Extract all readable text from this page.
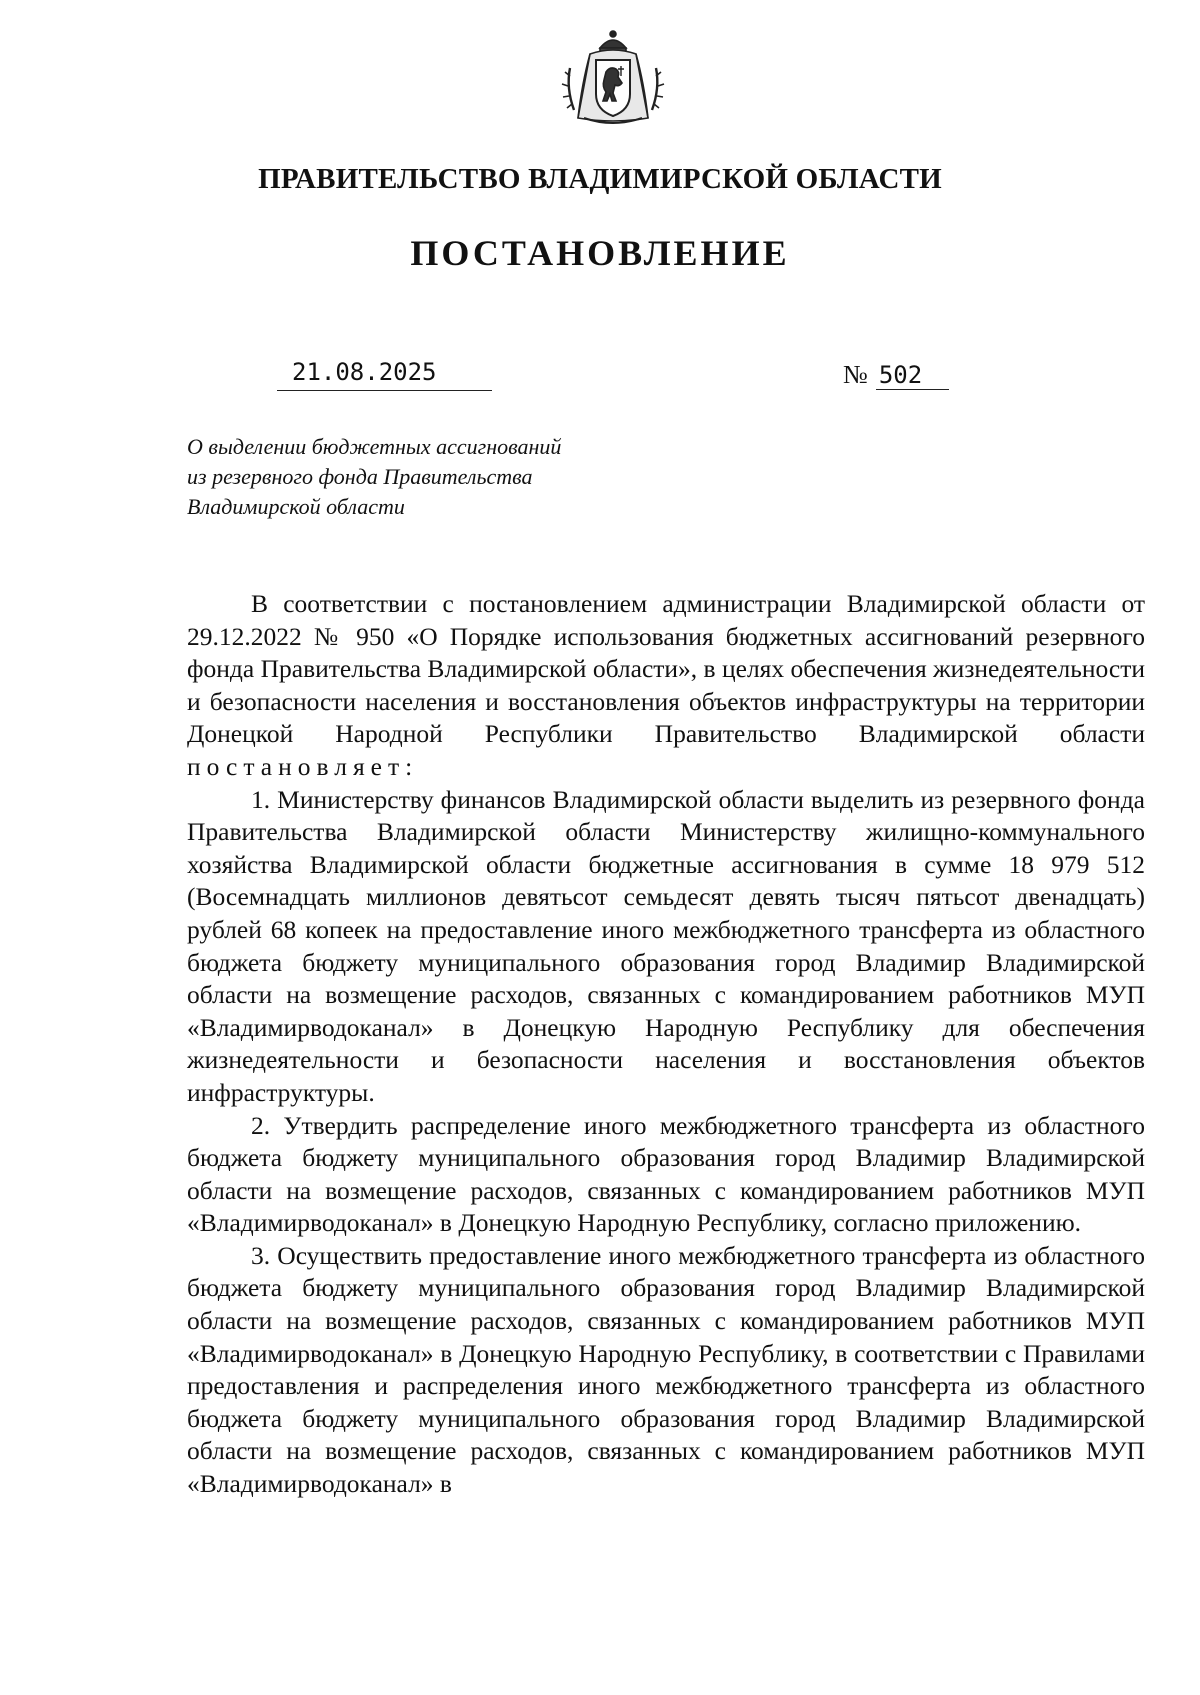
ПРАВИТЕЛЬСТВО ВЛАДИМИРСКОЙ ОБЛАСТИ
ПОСТАНОВЛЕНИЕ
21.08.2025	№ 502
О выделении бюджетных ассигнований
из резервного фонда Правительства
Владимирской области

В соответствии с постановлением администрации Владимирской области от 29.12.2022 № 950 «О Порядке использования бюджетных ассигнований резервного фонда Правительства Владимирской области», в целях обеспечения жизнедеятельности и безопасности населения и восстановления объектов инфраструктуры на территории Донецкой Народной Республики Правительство Владимирской области постановляет:

1. Министерству финансов Владимирской области выделить из резервного фонда Правительства Владимирской области Министерству жилищно-коммунального хозяйства Владимирской области бюджетные ассигнования в сумме 18 979 512 (Восемнадцать миллионов девятьсот семьдесят девять тысяч пятьсот двенадцать) рублей 68 копеек на предоставление иного межбюджетного трансферта из областного бюджета бюджету муниципального образования город Владимир Владимирской области на возмещение расходов, связанных с командированием работников МУП «Владимирводоканал» в Донецкую Народную Республику для обеспечения жизнедеятельности и безопасности населения и восстановления объектов инфраструктуры.

2. Утвердить распределение иного межбюджетного трансферта из областного бюджета бюджету муниципального образования город Владимир Владимирской области на возмещение расходов, связанных с командированием работников МУП «Владимирводоканал» в Донецкую Народную Республику, согласно приложению.

3. Осуществить предоставление иного межбюджетного трансферта из областного бюджета бюджету муниципального образования город Владимир Владимирской области на возмещение расходов, связанных с командированием работников МУП «Владимирводоканал» в Донецкую Народную Республику, в соответствии с Правилами предоставления и распределения иного межбюджетного трансферта из областного бюджета бюджету муниципального образования город Владимир Владимирской области на возмещение расходов, связанных с командированием работников МУП «Владимирводоканал» в
